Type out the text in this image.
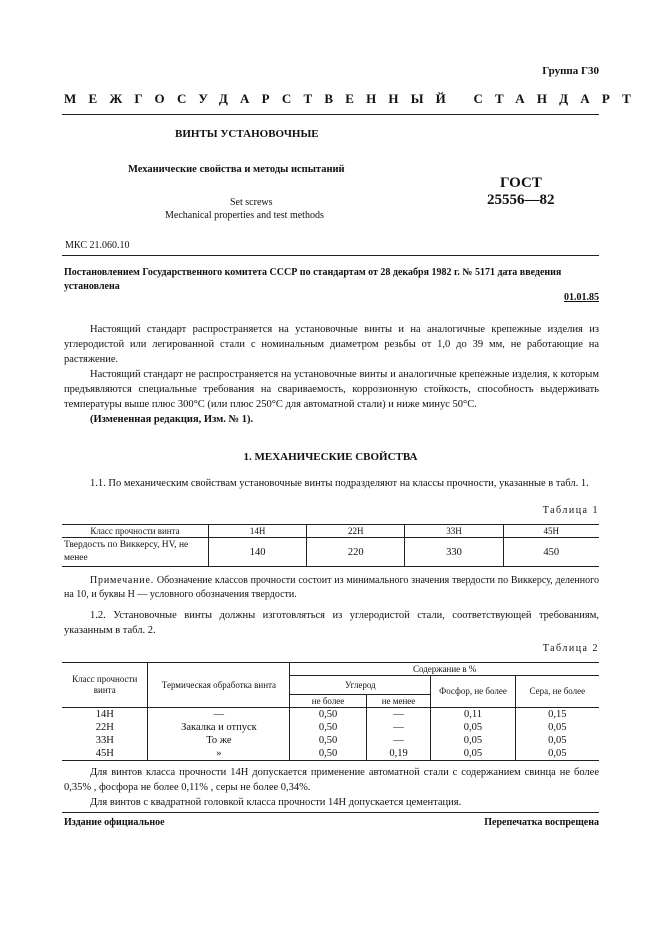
Группа Г30
МЕЖГОСУДАРСТВЕННЫЙ СТАНДАРТ
ВИНТЫ УСТАНОВОЧНЫЕ
Механические свойства и методы испытаний
Set screws
Mechanical properties and test methods
ГОСТ
25556—82
МКС 21.060.10
Постановлением Государственного комитета СССР по стандартам от 28 декабря 1982 г. № 5171 дата введения установлена
01.01.85

Настоящий стандарт распространяется на установочные винты и на аналогичные крепежные изделия из углеродистой или легированной стали с номинальным диаметром резьбы от 1,0 до 39 мм, не работающие на растяжение.

Настоящий стандарт не распространяется на установочные винты и аналогичные крепежные изделия, к которым предъявляются специальные требования на свариваемость, коррозионную стойкость, способность выдерживать температуры выше плюс 300°С (или плюс 250°С для автоматной стали) и ниже минус 50°С.

(Измененная редакция, Изм. № 1).

1. МЕХАНИЧЕСКИЕ СВОЙСТВА

1.1. По механическим свойствам установочные винты подразделяют на классы прочности, указанные в табл. 1.

Таблица 1
Класс прочности винта	14Н	22Н	33Н	45Н
Твердость по Виккерсу, HV, не менее	140	220	330	450

Примечание. Обозначение классов прочности состоит из минимального значения твердости по Виккерсу, деленного на 10, и буквы Н — условного обозначения твердости.

1.2. Установочные винты должны изготовляться из углеродистой стали, соответствующей требованиям, указанным в табл. 2.

Таблица 2
Класс прочности винта	Термическая обработка винта	Содержание в %			
		Углерод		Фосфор, не более	Сера, не более
		не более	не менее		
14Н	—	0,50	—	0,11	0,15
22Н	Закалка и отпуск	0,50	—	0,05	0,05
33Н	То же	0,50	—	0,05	0,05
45Н	»	0,50	0,19	0,05	0,05

Для винтов класса прочности 14Н допускается применение автоматной стали с содержанием свинца не более 0,35% , фосфора не более 0,11% , серы не более 0,34%.

Для винтов с квадратной головкой класса прочности 14Н допускается цементация.

Издание официальное	Перепечатка воспрещена
